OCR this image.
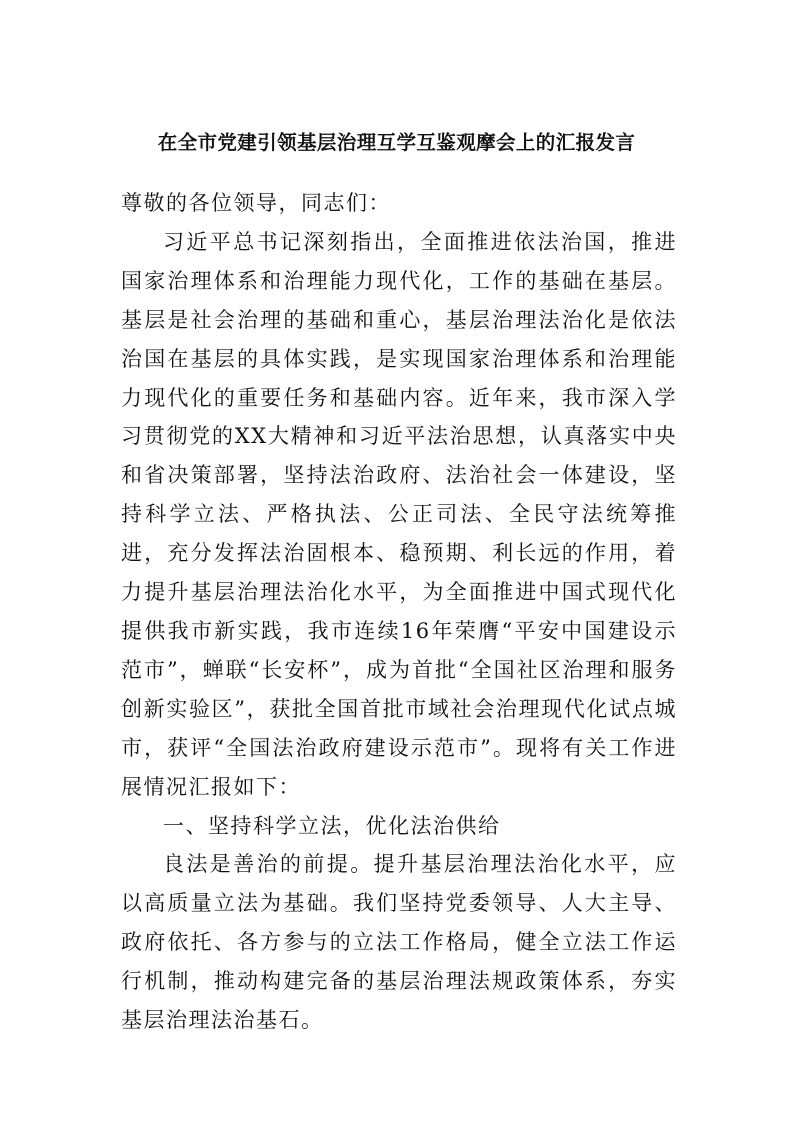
在全市党建引领基层治理互学互鉴观摩会上的汇报发言

尊敬的各位领导，同志们：

习近平总书记深刻指出，全面推进依法治国，推进国家治理体系和治理能力现代化，工作的基础在基层。基层是社会治理的基础和重心，基层治理法治化是依法治国在基层的具体实践，是实现国家治理体系和治理能力现代化的重要任务和基础内容。近年来，我市深入学习贯彻党的XX大精神和习近平法治思想，认真落实中央和省决策部署，坚持法治政府、法治社会一体建设，坚持科学立法、严格执法、公正司法、全民守法统筹推进，充分发挥法治固根本、稳预期、利长远的作用，着力提升基层治理法治化水平，为全面推进中国式现代化提供我市新实践，我市连续16年荣膺“平安中国建设示范市”，蝉联“长安杯”，成为首批“全国社区治理和服务创新实验区”，获批全国首批市域社会治理现代化试点城市，获评“全国法治政府建设示范市”。现将有关工作进展情况汇报如下：

一、坚持科学立法，优化法治供给

良法是善治的前提。提升基层治理法治化水平，应以高质量立法为基础。我们坚持党委领导、人大主导、政府依托、各方参与的立法工作格局，健全立法工作运行机制，推动构建完备的基层治理法规政策体系，夯实基层治理法治基石。
